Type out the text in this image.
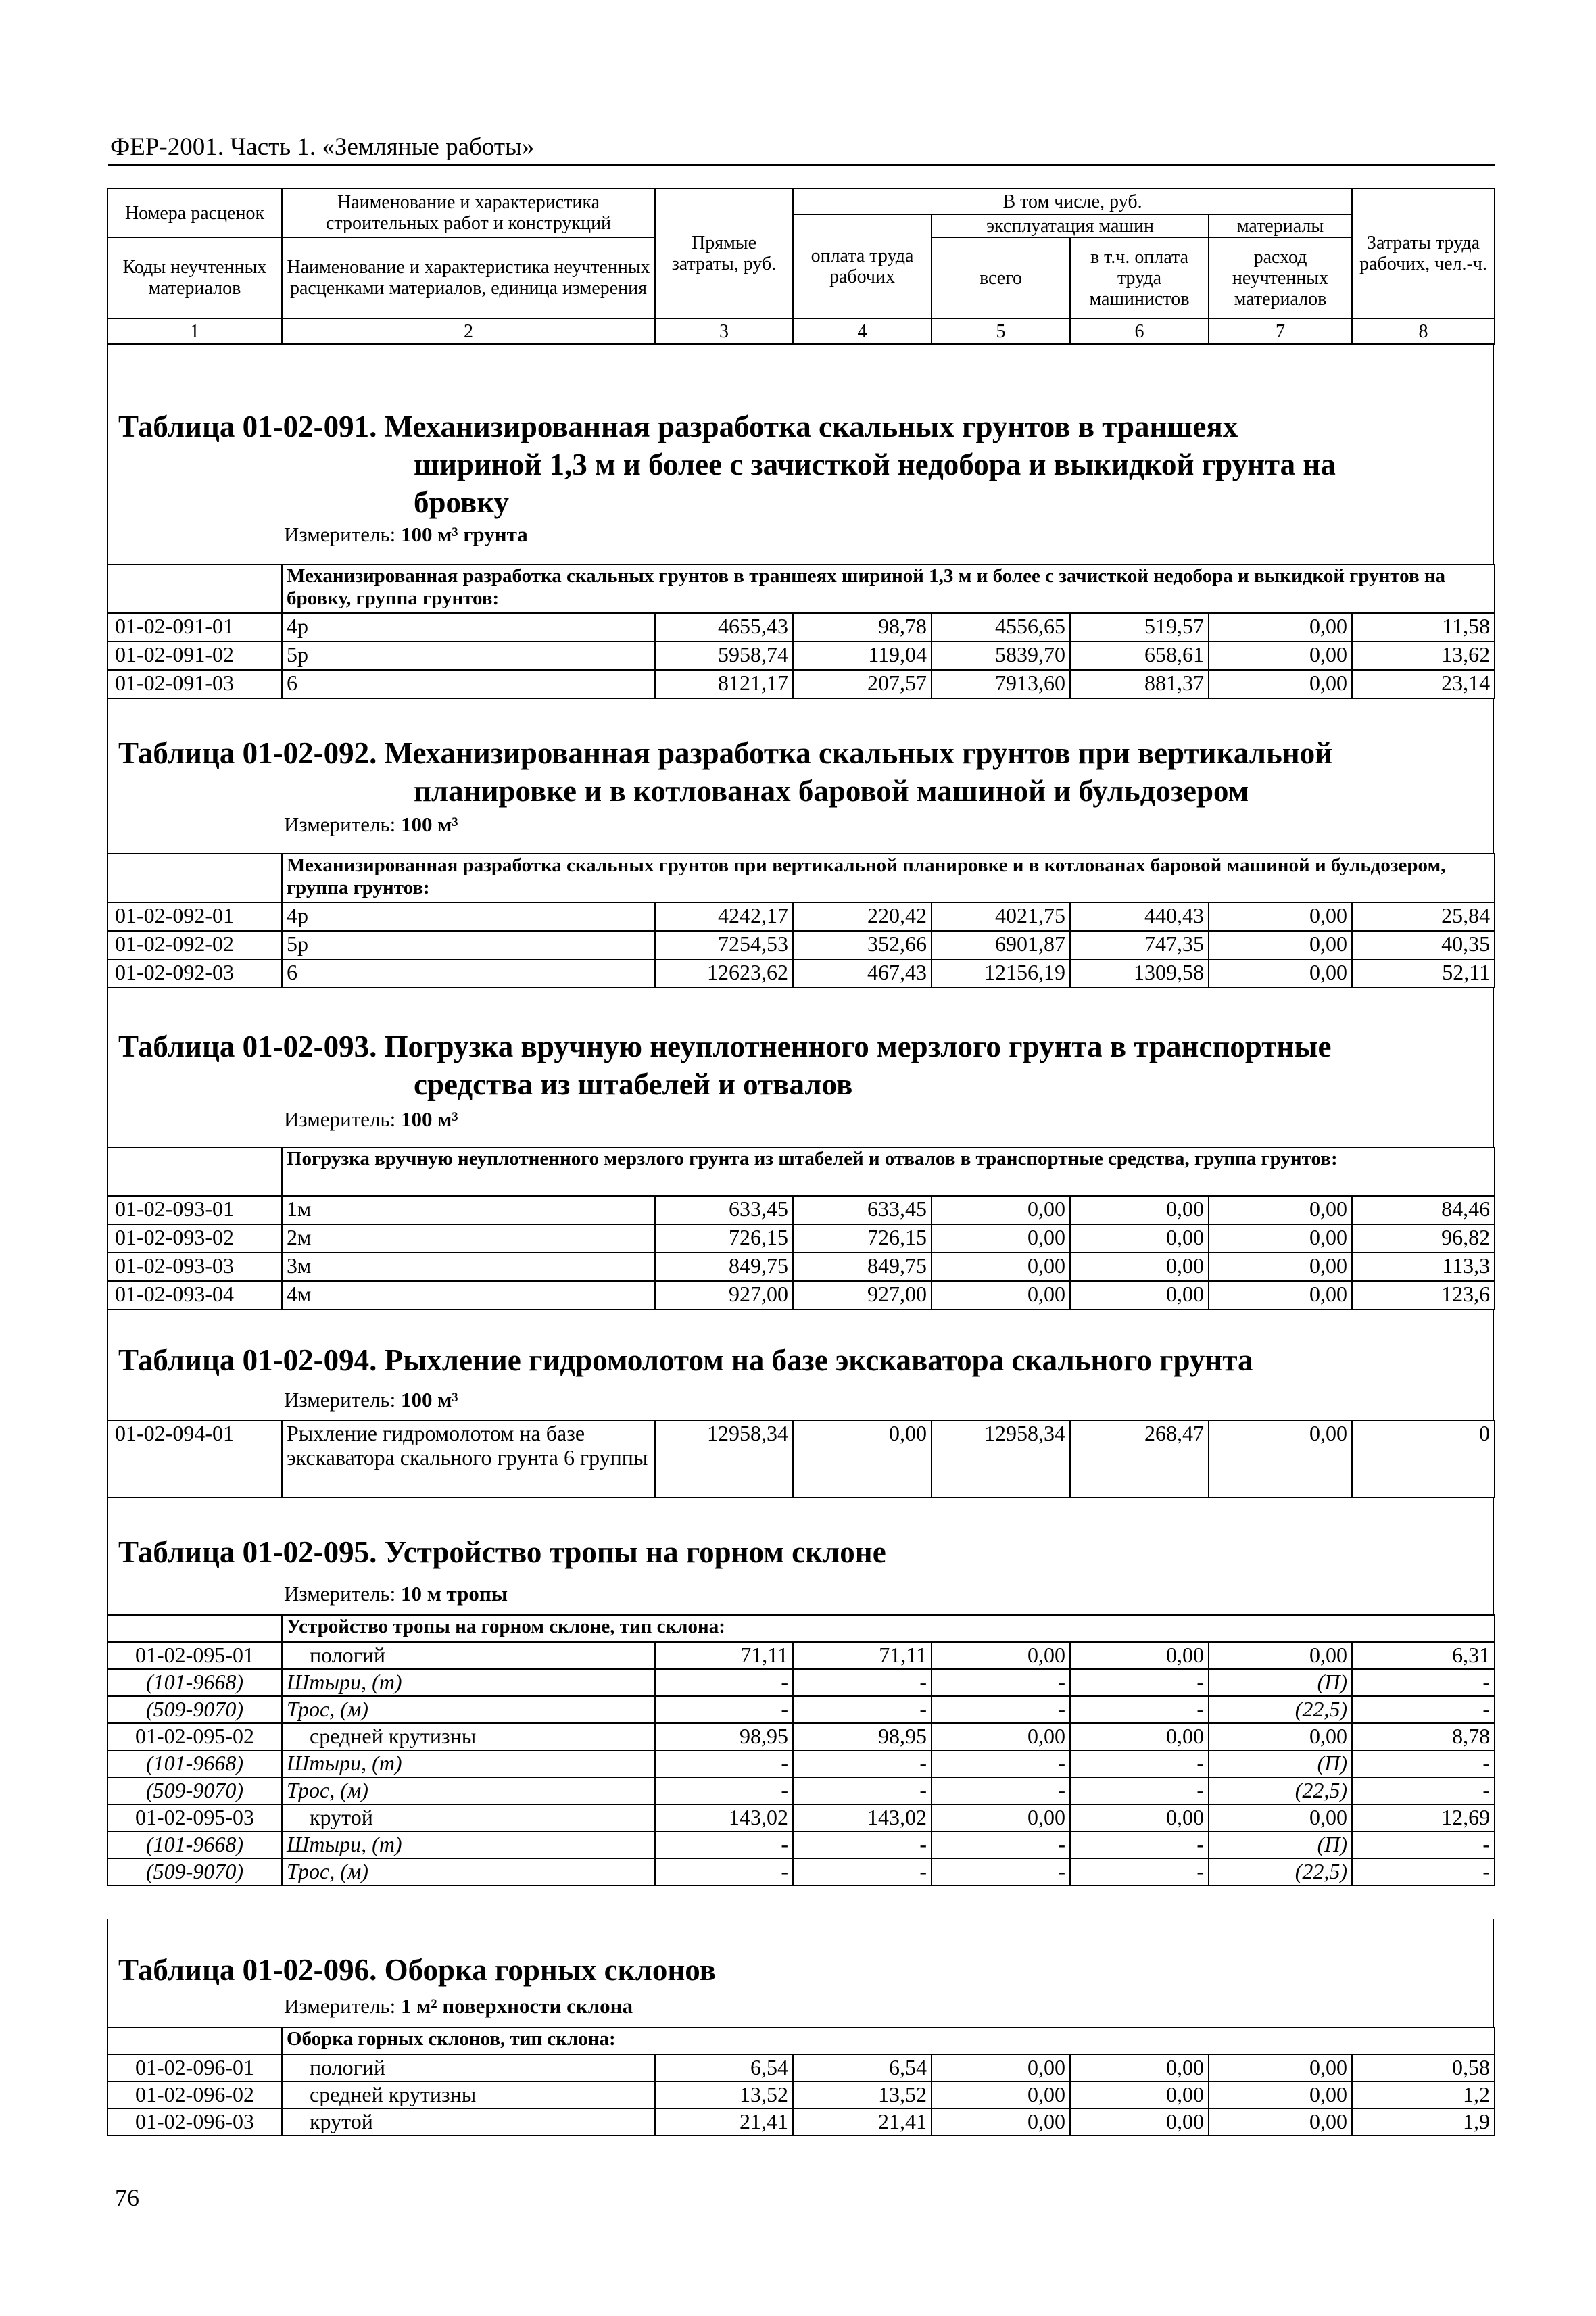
ФЕР-2001. Часть 1. «Земляные работы»
Номера расценок	Наименование и характеристика строительных работ и конструкций	Прямые затраты, руб.	В том числе, руб.				Затраты труда рабочих, чел.-ч.
			оплата труда рабочих	эксплуатация машин		материалы	
Коды неучтенных материалов	Наименование и характеристика неучтенных расценками материалов, единица измерения			всего	в т.ч. оплата труда машинистов	расход неучтенных материалов	

1	2	3	4	5	6	7	8
Таблица 01-02-091. Механизированная разработка скальных грунтов в траншеях
шириной 1,3 м и более с зачисткой недобора и выкидкой грунта на
бровку
Измеритель: 100 м³ грунта
	Механизированная разработка скальных грунтов в траншеях шириной 1,3 м и более с зачисткой недобора и выкидкой грунтов на бровку, группа грунтов:						
01-02-091-01	4р	4655,43	98,78	4556,65	519,57	0,00	11,58
01-02-091-02	5р	5958,74	119,04	5839,70	658,61	0,00	13,62
01-02-091-03	6	8121,17	207,57	7913,60	881,37	0,00	23,14
Таблица 01-02-092. Механизированная разработка скальных грунтов при вертикальной
планировке и в котлованах баровой машиной и бульдозером
Измеритель: 100 м³
	Механизированная разработка скальных грунтов при вертикальной планировке и в котлованах баровой машиной и бульдозером, группа грунтов:						
01-02-092-01	4р	4242,17	220,42	4021,75	440,43	0,00	25,84
01-02-092-02	5р	7254,53	352,66	6901,87	747,35	0,00	40,35
01-02-092-03	6	12623,62	467,43	12156,19	1309,58	0,00	52,11
Таблица 01-02-093. Погрузка вручную неуплотненного мерзлого грунта в транспортные
средства из штабелей и отвалов
Измеритель: 100 м³
	Погрузка вручную неуплотненного мерзлого грунта из штабелей и отвалов в транспортные средства, группа грунтов:						
01-02-093-01	1м	633,45	633,45	0,00	0,00	0,00	84,46
01-02-093-02	2м	726,15	726,15	0,00	0,00	0,00	96,82
01-02-093-03	3м	849,75	849,75	0,00	0,00	0,00	113,3
01-02-093-04	4м	927,00	927,00	0,00	0,00	0,00	123,6
Таблица 01-02-094. Рыхление гидромолотом на базе экскаватора скального грунта
Измеритель: 100 м³
01-02-094-01	Рыхление гидромолотом на базе экскаватора скального грунта 6 группы	12958,34	0,00	12958,34	268,47	0,00	0
Таблица 01-02-095. Устройство тропы на горном склоне
Измеритель: 10 м тропы
	Устройство тропы на горном склоне, тип склона:						
01-02-095-01	пологий	71,11	71,11	0,00	0,00	0,00	6,31
(101-9668)	Штыри, (т)	-	-	-	-	(П)	-
(509-9070)	Трос, (м)	-	-	-	-	(22,5)	-
01-02-095-02	средней крутизны	98,95	98,95	0,00	0,00	0,00	8,78
(101-9668)	Штыри, (т)	-	-	-	-	(П)	-
(509-9070)	Трос, (м)	-	-	-	-	(22,5)	-
01-02-095-03	крутой	143,02	143,02	0,00	0,00	0,00	12,69
(101-9668)	Штыри, (т)	-	-	-	-	(П)	-
(509-9070)	Трос, (м)	-	-	-	-	(22,5)	-
Таблица 01-02-096. Оборка горных склонов
Измеритель: 1 м² поверхности склона
	Оборка горных склонов, тип склона:						
01-02-096-01	пологий	6,54	6,54	0,00	0,00	0,00	0,58
01-02-096-02	средней крутизны	13,52	13,52	0,00	0,00	0,00	1,2
01-02-096-03	крутой	21,41	21,41	0,00	0,00	0,00	1,9
76
